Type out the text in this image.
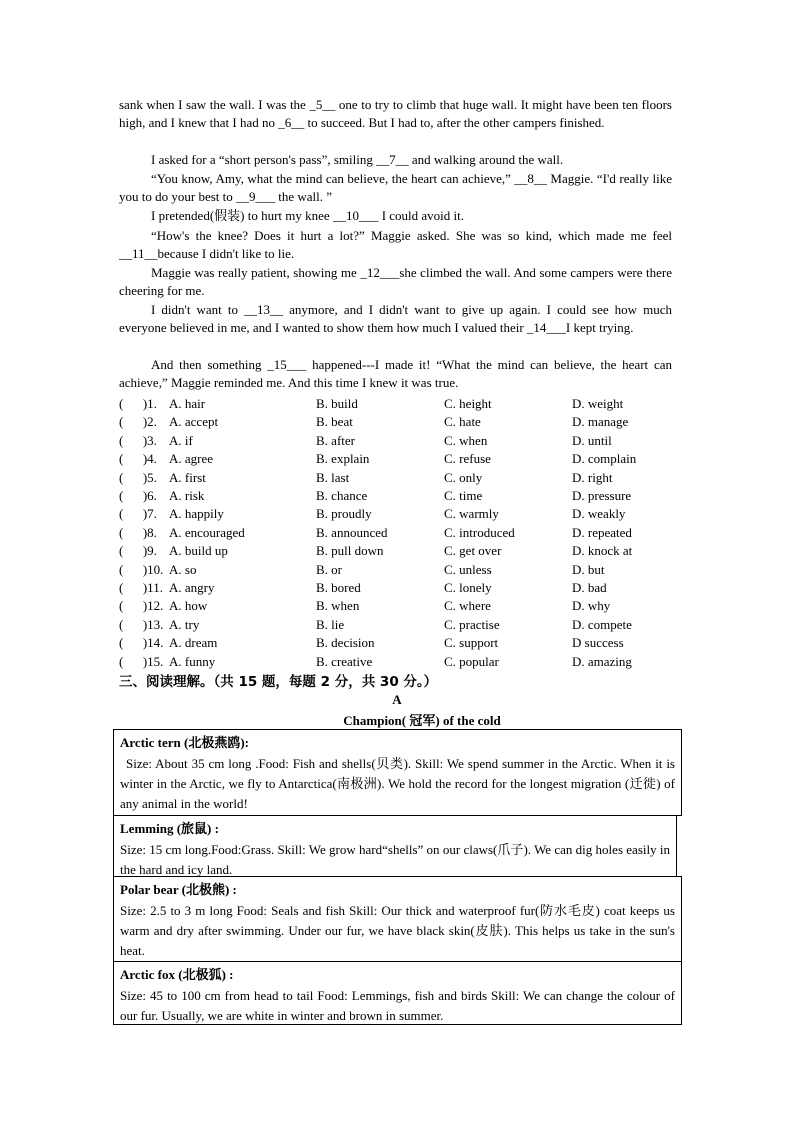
sank when I saw the wall. I was the _5__ one to try to climb that huge wall. It might have been ten floors high, and I knew that I had no _6__ to succeed. But I had to, after the other campers finished.

I asked for a “short person's pass”, smiling __7__ and walking around the wall.

“You know, Amy, what the mind can believe, the heart can achieve,” __8__ Maggie. “I'd really like you to do your best to __9___ the wall. ”

I pretended(假装) to hurt my knee __10___ I could avoid it.

“How's the knee? Does it hurt a lot?” Maggie asked. She was so kind, which made me feel __11__because I didn't like to lie.

Maggie was really patient, showing me _12___she climbed the wall. And some campers were there cheering for me.

I didn't want to __13__ anymore, and I didn't want to give up again. I could see how much everyone believed in me, and I wanted to show them how much I valued their _14___I kept trying.

And then something _15___ happened---I made it! “What the mind can believe, the heart can achieve,” Maggie reminded me. And this time I knew it was true.

(      )1.	A. hair	B. build	C. height	D. weight
(      )2.	A. accept	B. beat	C. hate	D. manage
(      )3.	A. if	B. after	C. when	D. until
(      )4.	A. agree	B. explain	C. refuse	D. complain
(      )5.	A. first	B. last	C. only	D. right
(      )6.	A. risk	B. chance	C. time	D. pressure
(      )7.	A. happily	B. proudly	C. warmly	D. weakly
(      )8.	A. encouraged	B. announced	C. introduced	D. repeated
(      )9.	A. build up	B. pull down	C. get over	D. knock at
(      )10.	A. so	B. or	C. unless	D. but
(      )11.	A. angry	B. bored	C. lonely	D. bad
(      )12.	A. how	B. when	C. where	D. why
(      )13.	A. try	B. lie	C. practise	D. compete
(      )14.	A. dream	B. decision	C. support	D success
(      )15.	A. funny	B. creative	C. popular	D. amazing
三、阅读理解。（共 15 题，每题 2 分，共 30 分。）
A
Champion( 冠军) of the cold
Arctic tern (北极燕鸥):
Size: About 35 cm long .Food: Fish and shells(贝类). Skill: We spend summer in the Arctic. When it is winter in the Arctic, we fly to Antarctica(南极洲). We hold the record for the longest migration (迁徙) of any animal in the world!
Lemming (旅鼠) :
Size: 15 cm long.Food:Grass. Skill: We grow hard“shells” on our claws(爪子). We can dig holes easily in the hard and icy land.
Polar bear (北极熊) :
Size: 2.5 to 3 m long Food: Seals and fish Skill: Our thick and waterproof fur(防水毛皮) coat keeps us warm and dry after swimming. Under our fur, we have black skin(皮肤). This helps us take in the sun's heat.
Arctic fox (北极狐) :
Size: 45 to 100 cm from head to tail Food: Lemmings, fish and birds Skill: We can change the colour of our fur. Usually, we are white in winter and brown in summer.
